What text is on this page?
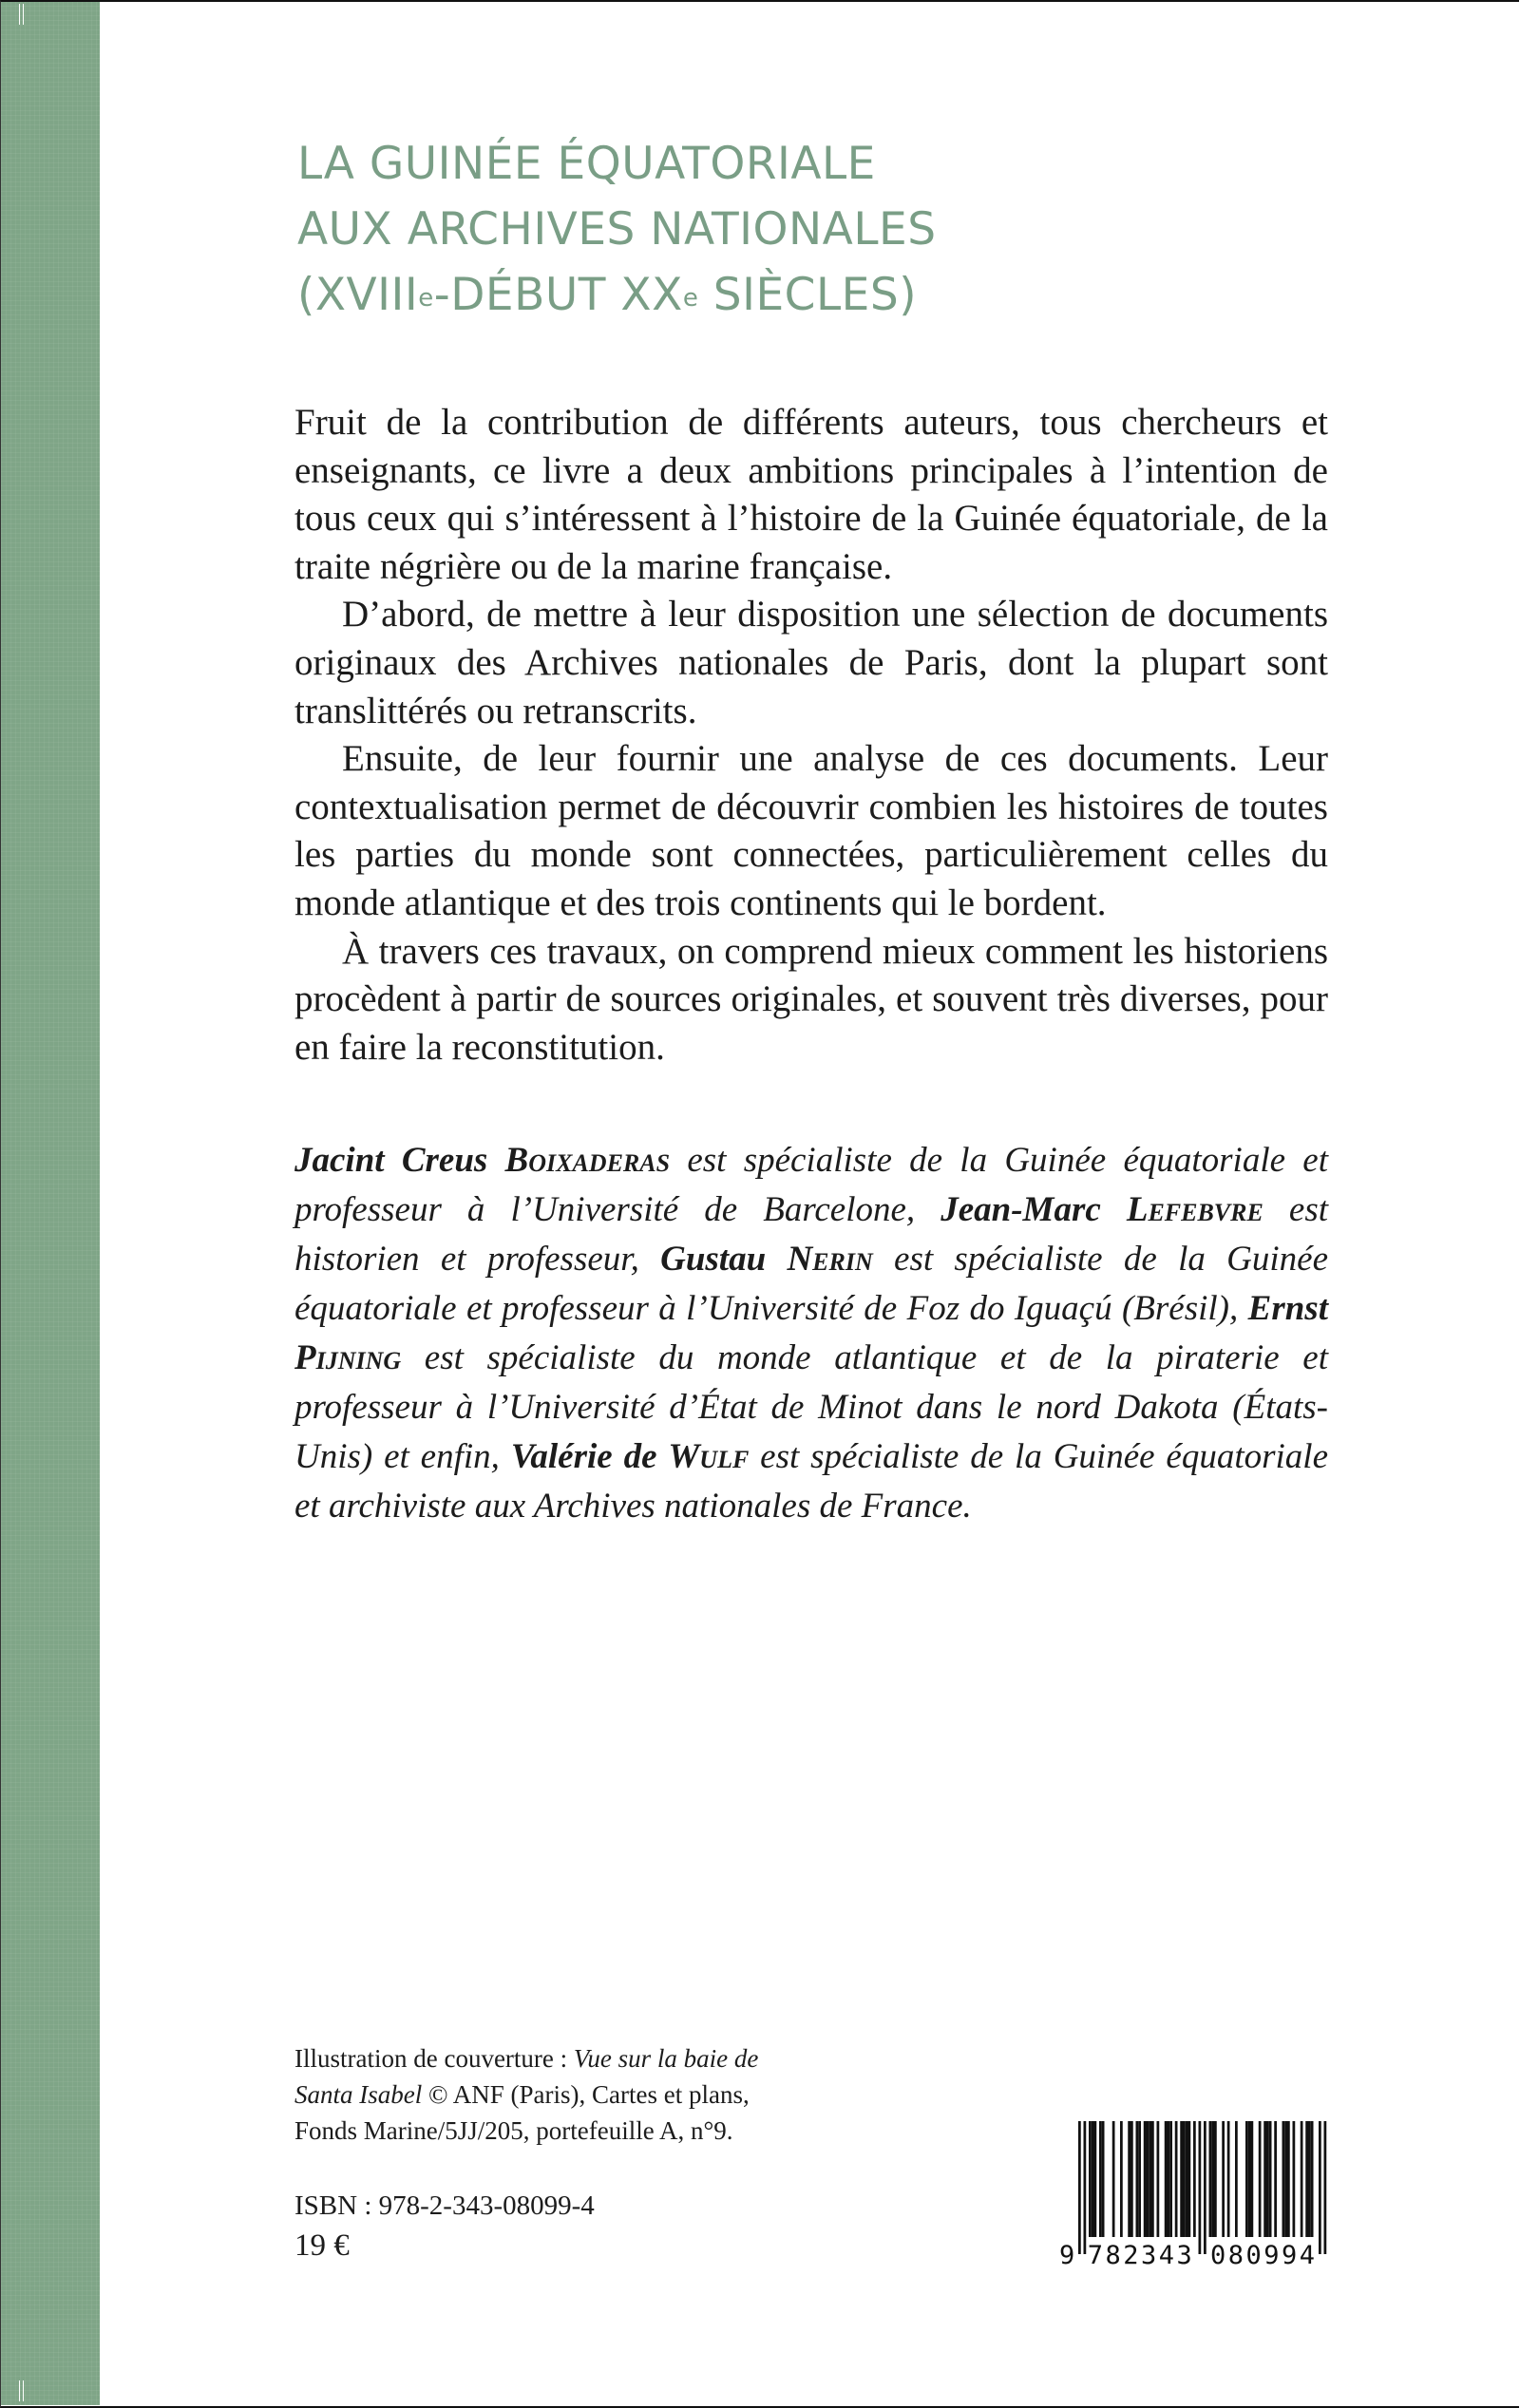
LA GUINÉE ÉQUATORIALE
AUX ARCHIVES NATIONALES
(XVIIIe-DÉBUT XXe SIÈCLES)

Fruit de la contribution de différents auteurs, tous chercheurs et enseignants, ce livre a deux ambitions principales à l’intention de tous ceux qui s’intéressent à l’histoire de la Guinée équatoriale, de la traite négrière ou de la marine française.

D’abord, de mettre à leur disposition une sélection de documents originaux des Archives nationales de Paris, dont la plupart sont translittérés ou retranscrits.

Ensuite, de leur fournir une analyse de ces documents. Leur contextualisation permet de découvrir combien les histoires de toutes les parties du monde sont connectées, particulièrement celles du monde atlantique et des trois continents qui le bordent.

À travers ces travaux, on comprend mieux comment les historiens procèdent à partir de sources originales, et souvent très diverses, pour en faire la reconstitution.

Jacint Creus Boixaderas est spécialiste de la Guinée équatoriale et professeur à l’Université de Barcelone, Jean-Marc Lefebvre est historien et professeur, Gustau Nerin est spécialiste de la Guinée équatoriale et professeur à l’Université de Foz do Iguaçú (Brésil), Ernst Pijning est spécialiste du monde atlantique et de la piraterie et professeur à l’Université d’État de Minot dans le nord Dakota (États-Unis) et enfin, Valérie de Wulf est spécialiste de la Guinée équatoriale et archiviste aux Archives nationales de France.

Illustration de couverture : Vue sur la baie de
Santa Isabel © ANF (Paris), Cartes et plans,
Fonds Marine/5JJ/205, portefeuille A, n°9.
ISBN : 978-2-343-08099-4
19 €	9 782343 080994
